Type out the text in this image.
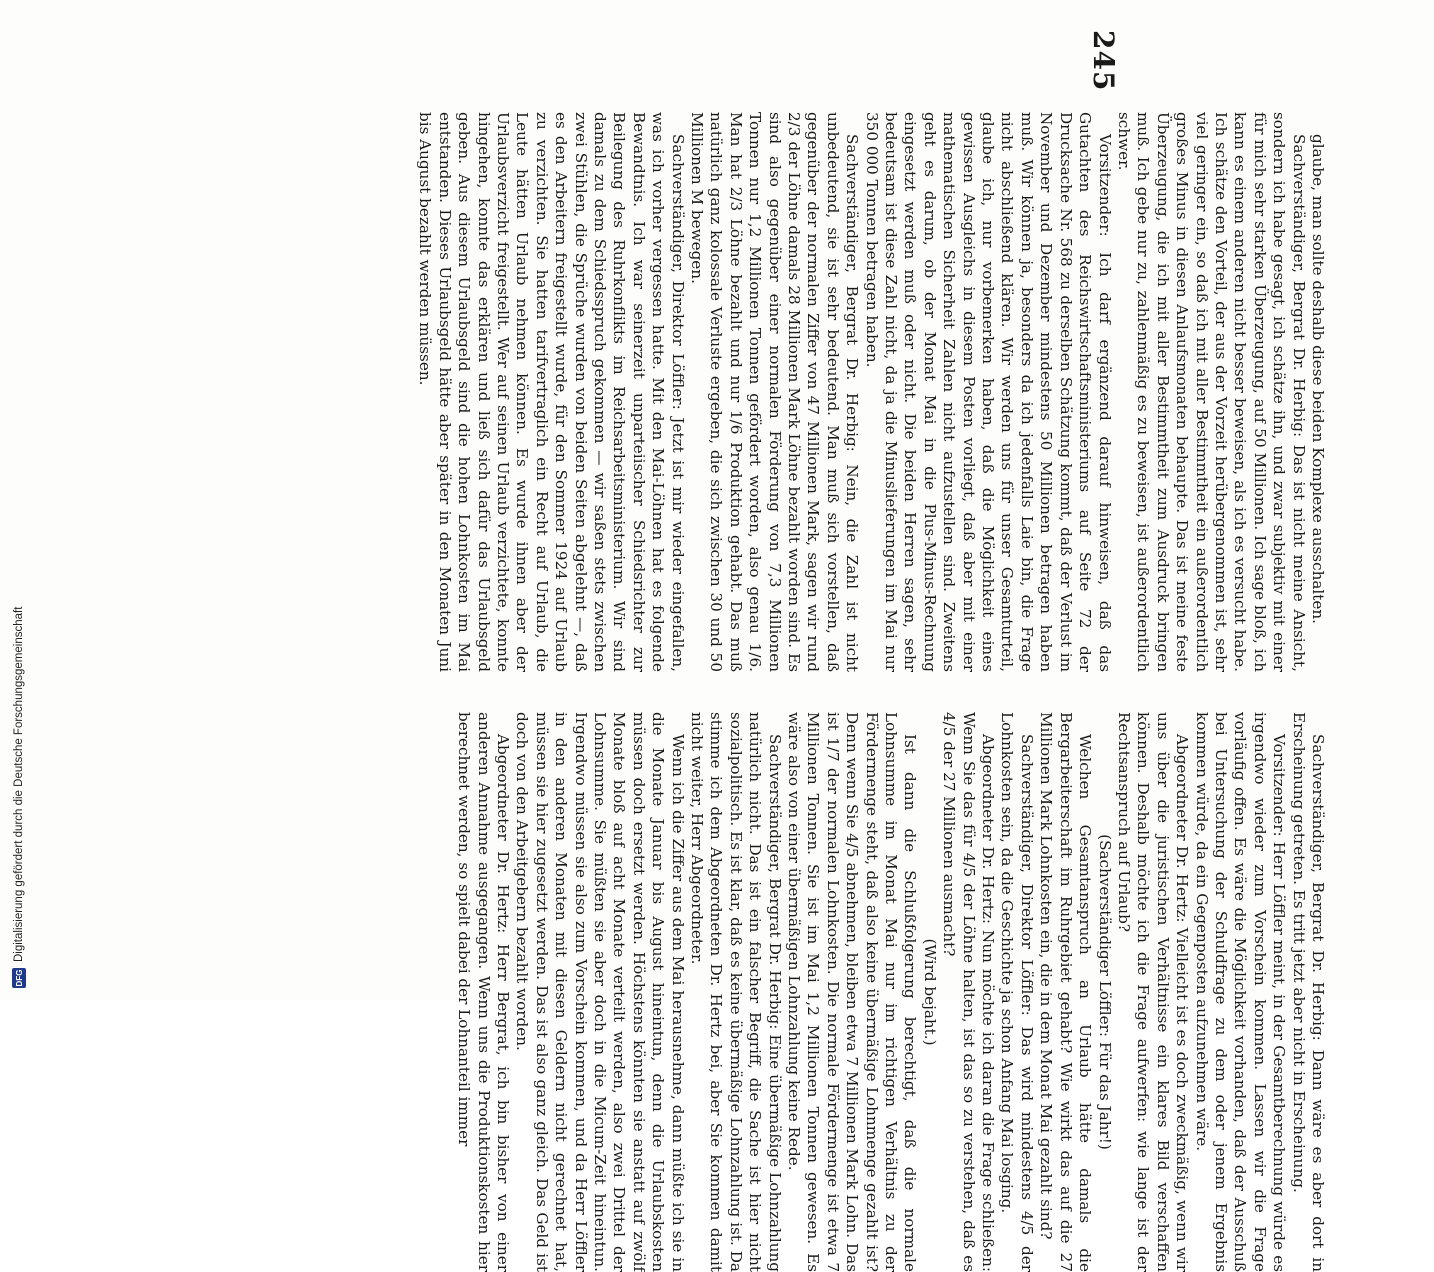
DFG
Digitalisierung gefördert durch die Deutsche Forschungsgemeinschaft

glaube, man sollte deshalb diese beiden Komplexe ausschalten.

Sachverständiger, Bergrat Dr. Herbig: Das ist nicht meine Ansicht, sondern ich habe gesagt, ich schätze ihn, und zwar subjektiv mit einer für mich sehr starken Überzeugung, auf 50 Millionen. Ich sage bloß, ich kann es einem anderen nicht besser beweisen, als ich es versucht habe. Ich schätze den Vorteil, der aus der Vorzeit herübergenommen ist, sehr viel geringer ein, so daß ich mit aller Bestimmtheit ein außerordentlich großes Minus in diesen Anlaufsmonaten behaupte. Das ist meine feste Überzeugung, die ich mit aller Bestimmtheit zum Ausdruck bringen muß. Ich gebe nur zu, zahlenmäßig es zu beweisen, ist außerordentlich schwer.

Vorsitzender: Ich darf ergänzend darauf hinweisen, daß das Gutachten des Reichswirtschaftsministeriums auf Seite 72 der Drucksache Nr. 568 zu derselben Schätzung kommt, daß der Verlust im November und Dezember mindestens 50 Millionen betragen haben muß. Wir können ja, besonders da ich jedenfalls Laie bin, die Frage nicht abschließend klären. Wir werden uns für unser Gesamturteil, glaube ich, nur vorbemerken haben, daß die Möglichkeit eines gewissen Ausgleichs in diesem Posten vorliegt, daß aber mit einer mathematischen Sicherheit Zahlen nicht aufzustellen sind. Zweitens geht es darum, ob der Monat Mai in die Plus-Minus-Rechnung eingesetzt werden muß oder nicht. Die beiden Herren sagen, sehr bedeutsam ist diese Zahl nicht, da ja die Minuslieferungen im Mai nur 350 000 Tonnen betragen haben.

Sachverständiger, Bergrat Dr. Herbig: Nein, die Zahl ist nicht unbedeutend, sie ist sehr bedeutend. Man muß sich vorstellen, daß gegenüber der normalen Ziffer von 47 Millionen Mark, sagen wir rund 2/3 der Löhne damals 28 Millionen Mark Löhne bezahlt worden sind. Es sind also gegenüber einer normalen Förderung von 7,3 Millionen Tonnen nur 1,2 Millionen Tonnen gefördert worden, also genau 1/6. Man hat 2/3 Löhne bezahlt und nur 1/6 Produktion gehabt. Das muß natürlich ganz kolossale Verluste ergeben, die sich zwischen 30 und 50 Millionen M bewegen.

Sachverständiger, Direktor Löffler: Jetzt ist mir wieder eingefallen, was ich vorher vergessen hatte. Mit den Mai-Löhnen hat es folgende Bewandtnis. Ich war seinerzeit unparteiischer Schiedsrichter zur Beilegung des Ruhrkonflikts im Reichsarbeitsministerium. Wir sind damals zu dem Schiedsspruch gekommen — wir saßen stets zwischen zwei Stühlen, die Sprüche wurden von beiden Seiten abgelehnt —, daß es den Arbeitern freigestellt wurde, für den Sommer 1924 auf Urlaub zu verzichten. Sie hatten tarifvertraglich ein Recht auf Urlaub, die Leute hätten Urlaub nehmen können. Es wurde ihnen aber der Urlaubsverzicht freigestellt. Wer auf seinen Urlaub verzichtete, konnte hingehen, konnte das erklären und ließ sich dafür das Urlaubsgeld geben. Aus diesem Urlaubsgeld sind die hohen Lohnkosten im Mai entstanden. Dieses Urlaubsgeld hätte aber später in den Monaten Juni bis August bezahlt werden müssen.

Sachverständiger, Bergrat Dr. Herbig: Dann wäre es aber dort in Erscheinung getreten. Es tritt jetzt aber nicht in Erscheinung.

Vorsitzender: Herr Löffler meint, in der Gesamtberechnung würde es irgendwo wieder zum Vorschein kommen. Lassen wir die Frage vorläufig offen. Es wäre die Möglichkeit vorhanden, daß der Ausschuß bei Untersuchung der Schuldfrage zu dem oder jenem Ergebnis kommen würde, da ein Gegenposten aufzunehmen wäre.

Abgeordneter Dr. Hertz: Vielleicht ist es doch zweckmäßig, wenn wir uns über die juristischen Verhältnisse ein klares Bild verschaffen können. Deshalb möchte ich die Frage aufwerfen: wie lange ist der Rechtsanspruch auf Urlaub?

(Sachverständiger Löffler: Für das Jahr!)

Welchen Gesamtanspruch an Urlaub hätte damals die Bergarbeiterschaft im Ruhrgebiet gehabt? Wie wirkt das auf die 27 Millionen Mark Lohnkosten ein, die in dem Monat Mai gezahlt sind?

Sachverständiger, Direktor Löffler: Das wird mindestens 4/5 der Lohnkosten sein, da die Geschichte ja schon Anfang Mai losging.

Abgeordneter Dr. Hertz: Nun möchte ich daran die Frage schließen: Wenn Sie das für 4/5 der Löhne halten, ist das so zu verstehen, daß es 4/5 der 27 Millionen ausmacht?

(Wird bejaht.)

Ist dann die Schlußfolgerung berechtigt, daß die normale Lohnsumme im Monat Mai nur im richtigen Verhältnis zu der Fördermenge steht, daß also keine übermäßige Lohnmenge gezahlt ist? Denn wenn Sie 4/5 abnehmen, bleiben etwa 7 Millionen Mark Lohn. Das ist 1/7 der normalen Lohnkosten. Die normale Fördermenge ist etwa 7 Millionen Tonnen. Sie ist im Mai 1,2 Millionen Tonnen gewesen. Es wäre also von einer übermäßigen Lohnzahlung keine Rede.

Sachverständiger, Bergrat Dr. Herbig: Eine übermäßige Lohnzahlung natürlich nicht. Das ist ein falscher Begriff, die Sache ist hier nicht sozialpolitisch. Es ist klar, daß es keine übermäßige Lohnzahlung ist. Da stimme ich dem Abgeordneten Dr. Hertz bei, aber Sie kommen damit nicht weiter, Herr Abgeordneter.

Wenn ich die Ziffer aus dem Mai herausnehme, dann müßte ich sie in die Monate Januar bis August hineintun, denn die Urlaubskosten müssen doch ersetzt werden. Höchstens könnten sie anstatt auf zwölf Monate bloß auf acht Monate verteilt werden, also zwei Drittel der Lohnsumme. Sie müßten sie aber doch in die Micum-Zeit hineintun. Irgendwo müssen sie also zum Vorschein kommen, und da Herr Löffler in den anderen Monaten mit diesen Geldern nicht gerechnet hat, müssen sie hier zugesetzt werden. Das ist also ganz gleich. Das Geld ist doch von den Arbeitgebern bezahlt worden.

Abgeordneter Dr. Hertz: Herr Bergrat, ich bin bisher von einer anderen Annahme ausgegangen. Wenn uns die Produktionskosten hier berechnet werden, so spielt dabei der Lohnanteil immer

245
